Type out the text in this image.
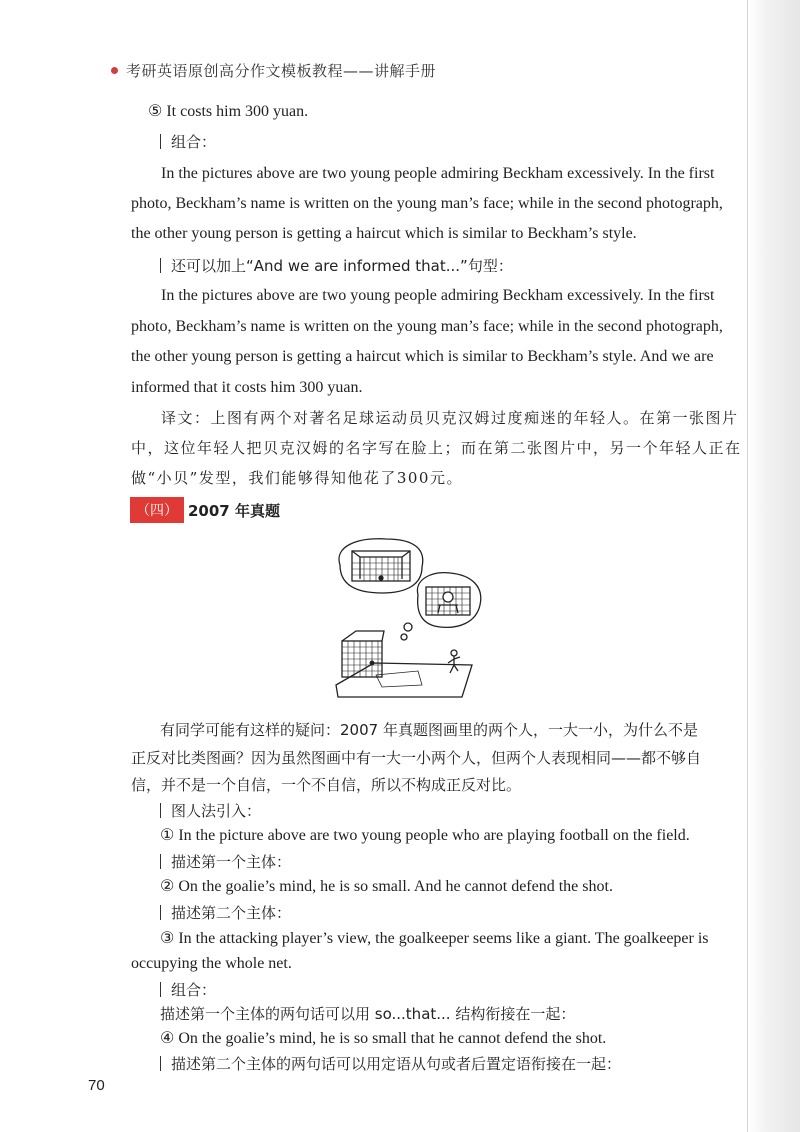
考研英语原创高分作文模板教程——讲解手册
⑤ It costs him 300 yuan.
组合：
In the pictures above are two young people admiring Beckham excessively. In the first
photo, Beckham’s name is written on the young man’s face; while in the second photograph,
the other young person is getting a haircut which is similar to Beckham’s style.
还可以加上“And we are informed that...”句型：
In the pictures above are two young people admiring Beckham excessively. In the first
photo, Beckham’s name is written on the young man’s face; while in the second photograph,
the other young person is getting a haircut which is similar to Beckham’s style. And we are
informed that it costs him 300 yuan.
译文：上图有两个对著名足球运动员贝克汉姆过度痴迷的年轻人。在第一张图片
中，这位年轻人把贝克汉姆的名字写在脸上；而在第二张图片中，另一个年轻人正在
做“小贝”发型，我们能够得知他花了300元。
（四） 2007 年真题
有同学可能有这样的疑问：2007 年真题图画里的两个人，一大一小，为什么不是
正反对比类图画？因为虽然图画中有一大一小两个人，但两个人表现相同——都不够自
信，并不是一个自信，一个不自信，所以不构成正反对比。
图人法引入：
① In the picture above are two young people who are playing football on the field.
描述第一个主体：
② On the goalie’s mind, he is so small. And he cannot defend the shot.
描述第二个主体：
③ In the attacking player’s view, the goalkeeper seems like a giant. The goalkeeper is
occupying the whole net.
组合：
描述第一个主体的两句话可以用 so...that... 结构衔接在一起：
④ On the goalie’s mind, he is so small that he cannot defend the shot.
描述第二个主体的两句话可以用定语从句或者后置定语衔接在一起：
70
